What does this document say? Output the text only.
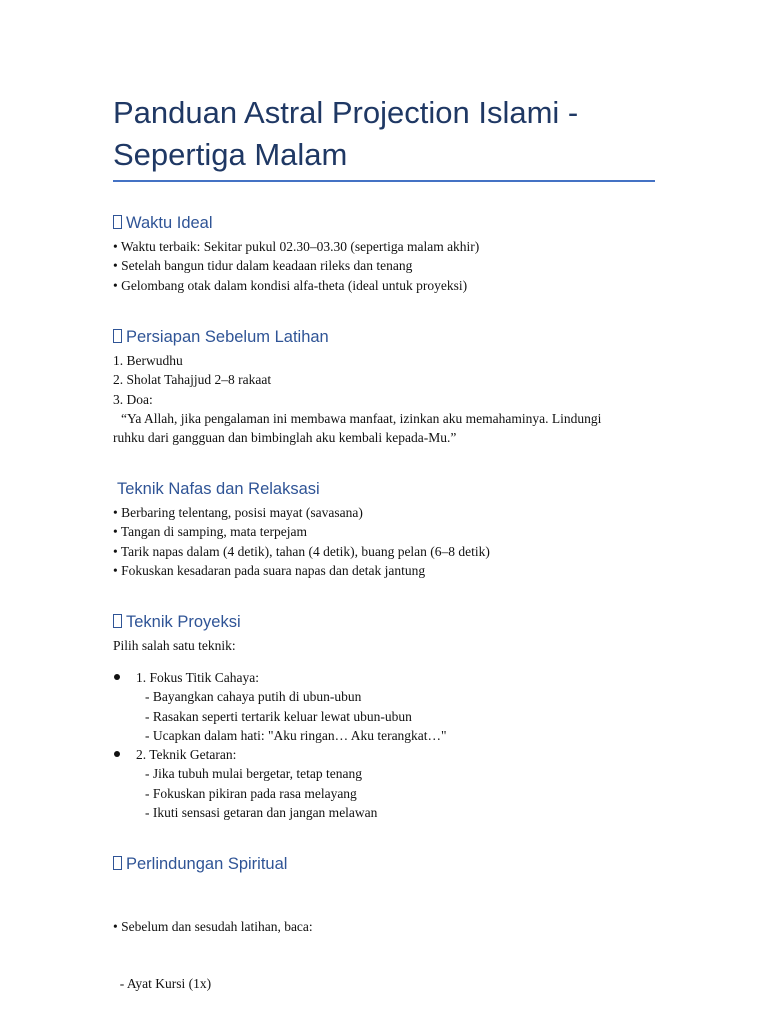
Panduan Astral Projection Islami - Sepertiga Malam
Waktu Ideal
• Waktu terbaik: Sekitar pukul 02.30–03.30 (sepertiga malam akhir)
• Setelah bangun tidur dalam keadaan rileks dan tenang
• Gelombang otak dalam kondisi alfa-theta (ideal untuk proyeksi)
Persiapan Sebelum Latihan
1. Berwudhu
2. Sholat Tahajjud 2–8 rakaat
3. Doa:
“Ya Allah, jika pengalaman ini membawa manfaat, izinkan aku memahaminya. Lindungi
ruhku dari gangguan dan bimbinglah aku kembali kepada-Mu.”
Teknik Nafas dan Relaksasi
• Berbaring telentang, posisi mayat (savasana)
• Tangan di samping, mata terpejam
• Tarik napas dalam (4 detik), tahan (4 detik), buang pelan (6–8 detik)
• Fokuskan kesadaran pada suara napas dan detak jantung
Teknik Proyeksi
Pilih salah satu teknik:
1. Fokus Titik Cahaya:
- Bayangkan cahaya putih di ubun-ubun
- Rasakan seperti tertarik keluar lewat ubun-ubun
- Ucapkan dalam hati: "Aku ringan… Aku terangkat…"
2. Teknik Getaran:
- Jika tubuh mulai bergetar, tetap tenang
- Fokuskan pikiran pada rasa melayang
- Ikuti sensasi getaran dan jangan melawan
Perlindungan Spiritual

• Sebelum dan sesudah latihan, baca:

- Ayat Kursi (1x)
